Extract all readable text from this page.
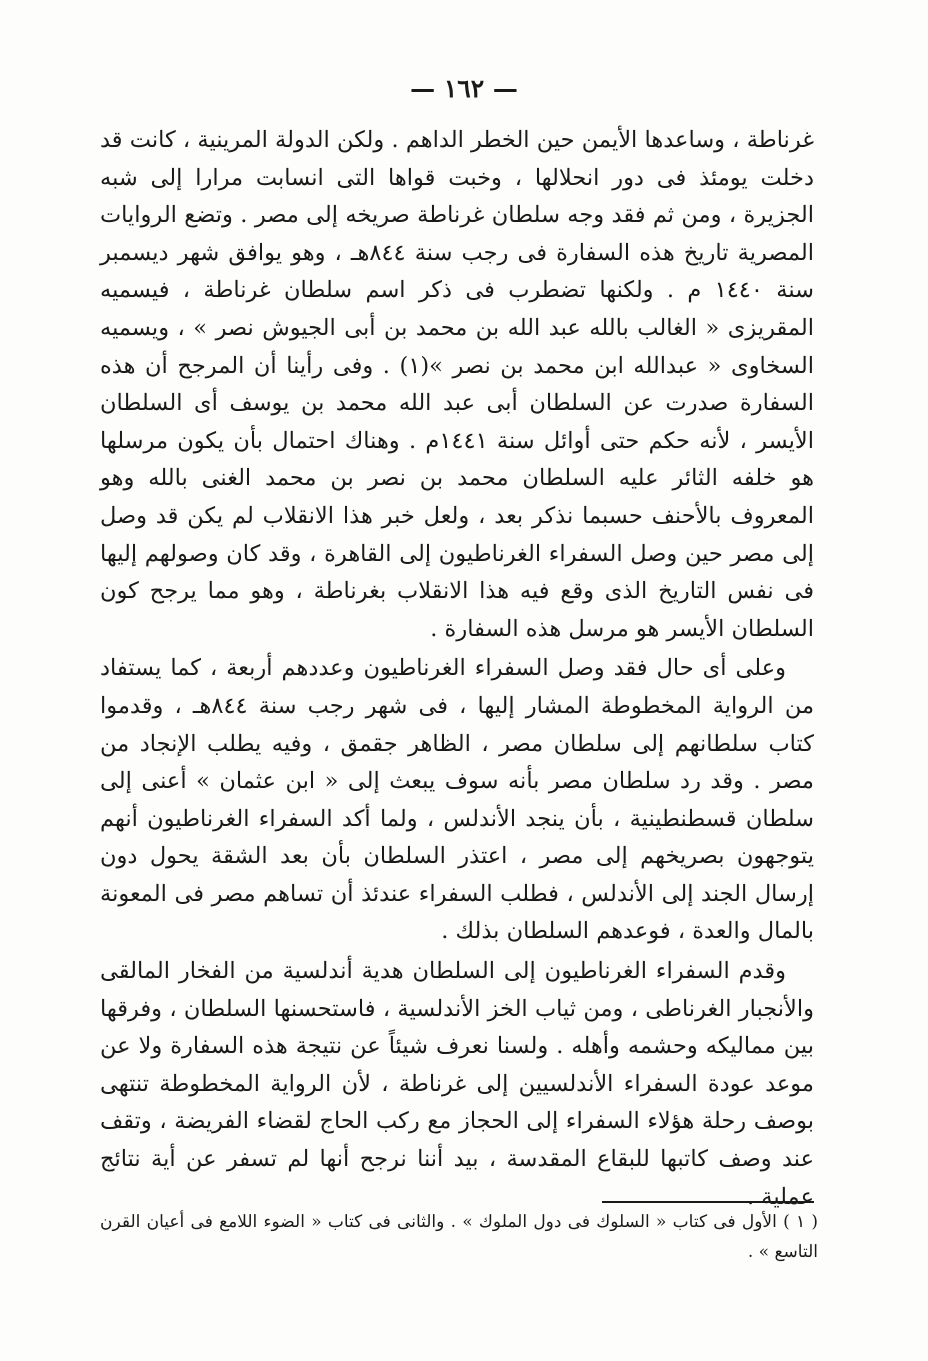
— ١٦٢ —

غرناطة ، وساعدها الأيمن حين الخطر الداهم . ولكن الدولة المرينية ، كانت قد دخلت يومئذ فى دور انحلالها ، وخبت قواها التى انسابت مرارا إلى شبه الجزيرة ، ومن ثم فقد وجه سلطان غرناطة صريخه إلى مصر . وتضع الروايات المصرية تاريخ هذه السفارة فى رجب سنة ٨٤٤هـ ، وهو يوافق شهر ديسمبر سنة ١٤٤٠ م . ولكنها تضطرب فى ذكر اسم سلطان غرناطة ، فيسميه المقريزى « الغالب بالله عبد الله بن محمد بن أبى الجيوش نصر » ، ويسميه السخاوى « عبدالله ابن محمد بن نصر »(١) . وفى رأينا أن المرجح أن هذه السفارة صدرت عن السلطان أبى عبد الله محمد بن يوسف أى السلطان الأيسر ، لأنه حكم حتى أوائل سنة ١٤٤١م . وهناك احتمال بأن يكون مرسلها هو خلفه الثائر عليه السلطان محمد بن نصر بن محمد الغنى بالله وهو المعروف بالأحنف حسبما نذكر بعد ، ولعل خبر هذا الانقلاب لم يكن قد وصل إلى مصر حين وصل السفراء الغرناطيون إلى القاهرة ، وقد كان وصولهم إليها فى نفس التاريخ الذى وقع فيه هذا الانقلاب بغرناطة ، وهو مما يرجح كون السلطان الأيسر هو مرسل هذه السفارة .

وعلى أى حال فقد وصل السفراء الغرناطيون وعددهم أربعة ، كما يستفاد من الرواية المخطوطة المشار إليها ، فى شهر رجب سنة ٨٤٤هـ ، وقدموا كتاب سلطانهم إلى سلطان مصر ، الظاهر جقمق ، وفيه يطلب الإنجاد من مصر . وقد رد سلطان مصر بأنه سوف يبعث إلى « ابن عثمان » أعنى إلى سلطان قسطنطينية ، بأن ينجد الأندلس ، ولما أكد السفراء الغرناطيون أنهم يتوجهون بصريخهم إلى مصر ، اعتذر السلطان بأن بعد الشقة يحول دون إرسال الجند إلى الأندلس ، فطلب السفراء عندئذ أن تساهم مصر فى المعونة بالمال والعدة ، فوعدهم السلطان بذلك .

وقدم السفراء الغرناطيون إلى السلطان هدية أندلسية من الفخار المالقى والأنجبار الغرناطى ، ومن ثياب الخز الأندلسية ، فاستحسنها السلطان ، وفرقها بين مماليكه وحشمه وأهله . ولسنا نعرف شيئاً عن نتيجة هذه السفارة ولا عن موعد عودة السفراء الأندلسيين إلى غرناطة ، لأن الرواية المخطوطة تنتهى بوصف رحلة هؤلاء السفراء إلى الحجاز مع ركب الحاج لقضاء الفريضة ، وتقف عند وصف كاتبها للبقاع المقدسة ، بيد أننا نرجح أنها لم تسفر عن أية نتائج عملية .

( ١ ) الأول فى كتاب « السلوك فى دول الملوك » . والثانى فى كتاب « الضوء اللامع فى أعيان القرن التاسع » .
